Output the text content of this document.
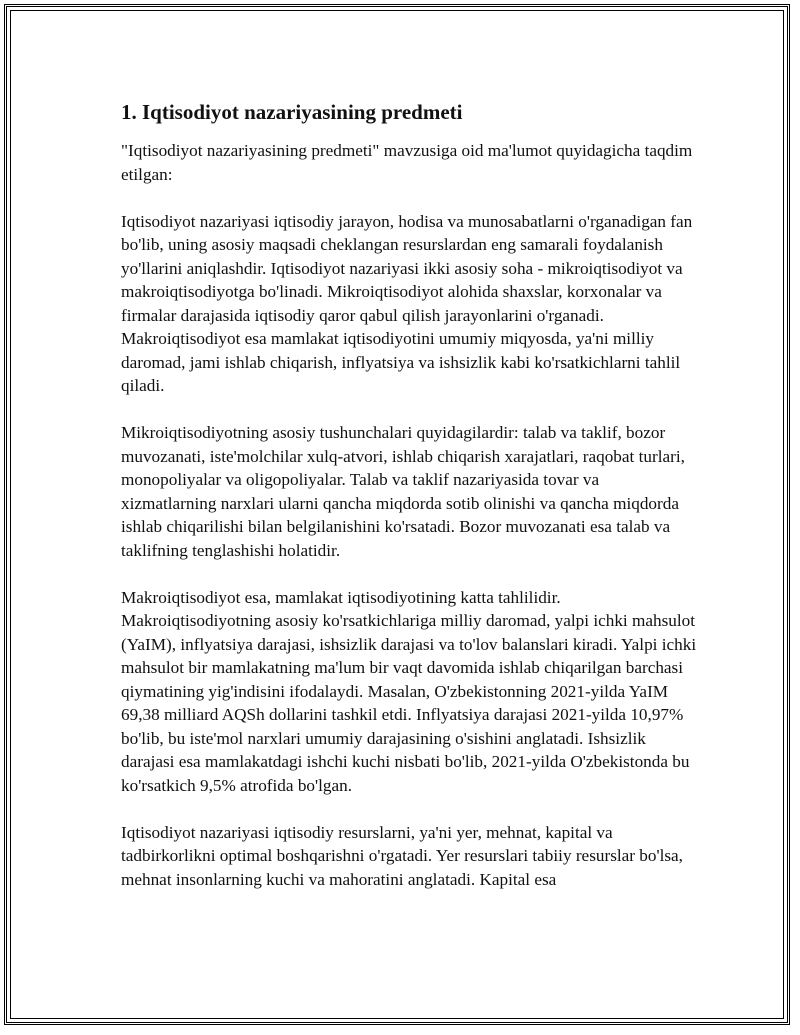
1. Iqtisodiyot nazariyasining predmeti

"Iqtisodiyot nazariyasining predmeti" mavzusiga oid ma'lumot quyidagicha taqdim etilgan:

Iqtisodiyot nazariyasi iqtisodiy jarayon, hodisa va munosabatlarni o'rganadigan fan bo'lib, uning asosiy maqsadi cheklangan resurslardan eng samarali foydalanish yo'llarini aniqlashdir. Iqtisodiyot nazariyasi ikki asosiy soha - mikroiqtisodiyot va makroiqtisodiyotga bo'linadi. Mikroiqtisodiyot alohida shaxslar, korxonalar va firmalar darajasida iqtisodiy qaror qabul qilish jarayonlarini o'rganadi. Makroiqtisodiyot esa mamlakat iqtisodiyotini umumiy miqyosda, ya'ni milliy daromad, jami ishlab chiqarish, inflyatsiya va ishsizlik kabi ko'rsatkichlarni tahlil qiladi.

Mikroiqtisodiyotning asosiy tushunchalari quyidagilardir: talab va taklif, bozor muvozanati, iste'molchilar xulq-atvori, ishlab chiqarish xarajatlari, raqobat turlari, monopoliyalar va oligopoliyalar. Talab va taklif nazariyasida tovar va xizmatlarning narxlari ularni qancha miqdorda sotib olinishi va qancha miqdorda ishlab chiqarilishi bilan belgilanishini ko'rsatadi. Bozor muvozanati esa talab va taklifning tenglashishi holatidir.

Makroiqtisodiyot esa, mamlakat iqtisodiyotining katta tahlilidir. Makroiqtisodiyotning asosiy ko'rsatkichlariga milliy daromad, yalpi ichki mahsulot (YaIM), inflyatsiya darajasi, ishsizlik darajasi va to'lov balanslari kiradi. Yalpi ichki mahsulot bir mamlakatning ma'lum bir vaqt davomida ishlab chiqarilgan barchasi qiymatining yig'indisini ifodalaydi. Masalan, O'zbekistonning 2021-yilda YaIM 69,38 milliard AQSh dollarini tashkil etdi. Inflyatsiya darajasi 2021-yilda 10,97% bo'lib, bu iste'mol narxlari umumiy darajasining o'sishini anglatadi. Ishsizlik darajasi esa mamlakatdagi ishchi kuchi nisbati bo'lib, 2021-yilda O'zbekistonda bu ko'rsatkich 9,5% atrofida bo'lgan.

Iqtisodiyot nazariyasi iqtisodiy resurslarni, ya'ni yer, mehnat, kapital va tadbirkorlikni optimal boshqarishni o'rgatadi. Yer resurslari tabiiy resurslar bo'lsa, mehnat insonlarning kuchi va mahoratini anglatadi. Kapital esa
